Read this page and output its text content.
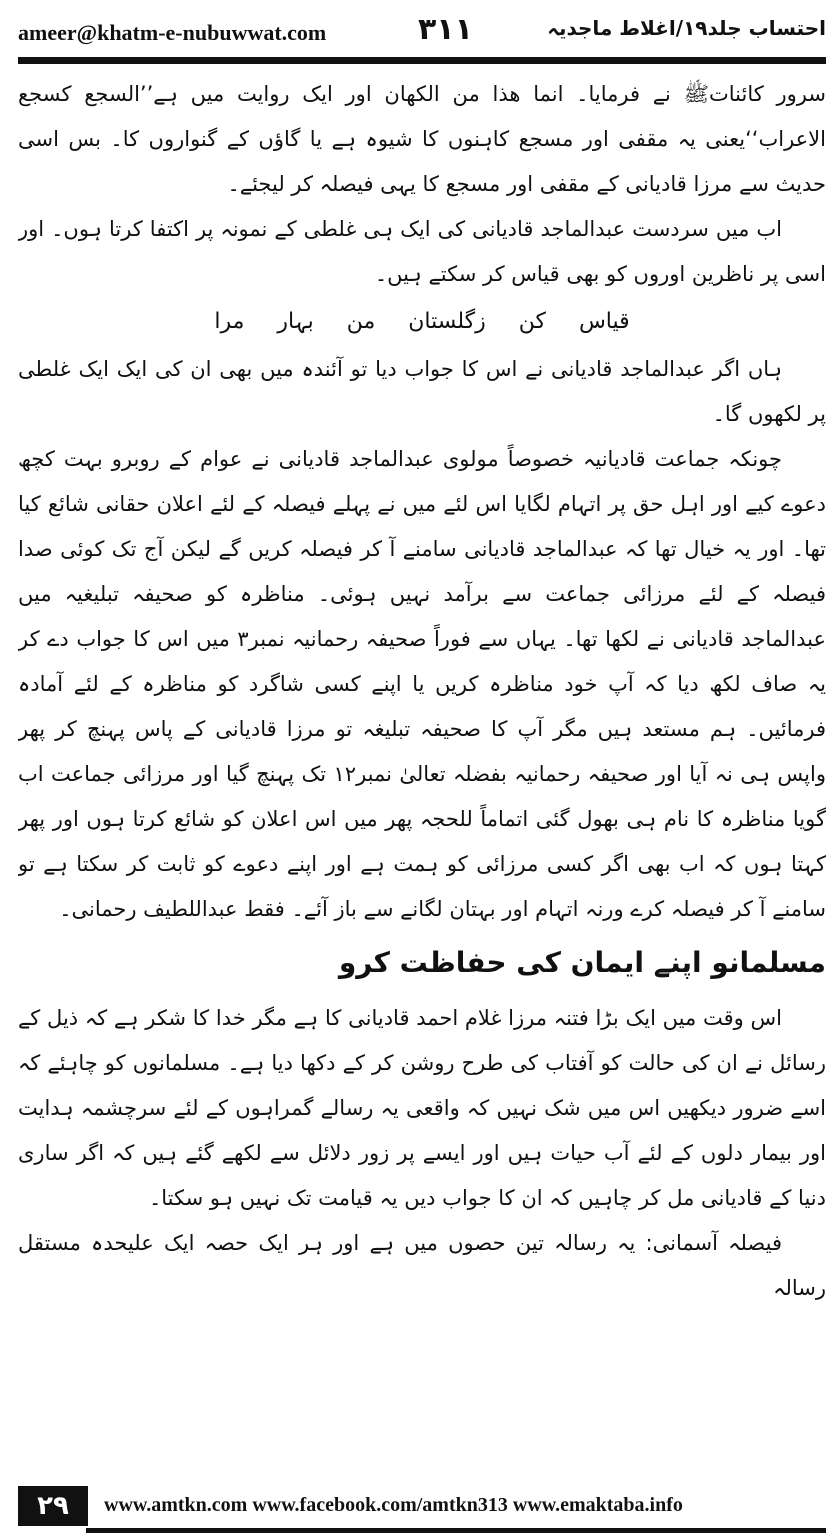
ameer@khatm-e-nubuwwat.com	۳۱۱	احتساب جلد۱۹/اغلاط ماجدیہ

سرور کائناتﷺ نے فرمایا۔ انما ھذا من الکھان اور ایک روایت میں ہے’’السجع کسجع الاعراب‘‘یعنی یہ مقفی اور مسجع کاہنوں کا شیوہ ہے یا گاؤں کے گنواروں کا۔ بس اسی حدیث سے مرزا قادیانی کے مقفی اور مسجع کا یہی فیصلہ کر لیجئے۔

اب میں سردست عبدالماجد قادیانی کی ایک ہی غلطی کے نمونہ پر اکتفا کرتا ہوں۔ اور اسی پر ناظرین اوروں کو بھی قیاس کر سکتے ہیں۔

قیاس کن زگلستان من بہار مرا

ہاں اگر عبدالماجد قادیانی نے اس کا جواب دیا تو آئندہ میں بھی ان کی ایک ایک غلطی پر لکھوں گا۔

چونکہ جماعت قادیانیہ خصوصاً مولوی عبدالماجد قادیانی نے عوام کے روبرو بہت کچھ دعوے کیے اور اہل حق پر اتہام لگایا اس لئے میں نے پہلے فیصلہ کے لئے اعلان حقانی شائع کیا تھا۔ اور یہ خیال تھا کہ عبدالماجد قادیانی سامنے آ کر فیصلہ کریں گے لیکن آج تک کوئی صدا فیصلہ کے لئے مرزائی جماعت سے برآمد نہیں ہوئی۔ مناظرہ کو صحیفہ تبلیغیہ میں عبدالماجد قادیانی نے لکھا تھا۔ یہاں سے فوراً صحیفہ رحمانیہ نمبر۳ میں اس کا جواب دے کر یہ صاف لکھ دیا کہ آپ خود مناظرہ کریں یا اپنے کسی شاگرد کو مناظرہ کے لئے آمادہ فرمائیں۔ ہم مستعد ہیں مگر آپ کا صحیفہ تبلیغہ تو مرزا قادیانی کے پاس پہنچ کر پھر واپس ہی نہ آیا اور صحیفہ رحمانیہ بفضلہ تعالیٰ نمبر۱۲ تک پہنچ گیا اور مرزائی جماعت اب گویا مناظرہ کا نام ہی بھول گئی اتماماً للحجہ پھر میں اس اعلان کو شائع کرتا ہوں اور پھر کہتا ہوں کہ اب بھی اگر کسی مرزائی کو ہمت ہے اور اپنے دعوے کو ثابت کر سکتا ہے تو سامنے آ کر فیصلہ کرے ورنہ اتہام اور بہتان لگانے سے باز آئے۔ فقط عبداللطیف رحمانی۔

مسلمانو اپنے ایمان کی حفاظت کرو

اس وقت میں ایک بڑا فتنہ مرزا غلام احمد قادیانی کا ہے مگر خدا کا شکر ہے کہ ذیل کے رسائل نے ان کی حالت کو آفتاب کی طرح روشن کر کے دکھا دیا ہے۔ مسلمانوں کو چاہئے کہ اسے ضرور دیکھیں اس میں شک نہیں کہ واقعی یہ رسالے گمراہوں کے لئے سرچشمہ ہدایت اور بیمار دلوں کے لئے آب حیات ہیں اور ایسے پر زور دلائل سے لکھے گئے ہیں کہ اگر ساری دنیا کے قادیانی مل کر چاہیں کہ ان کا جواب دیں یہ قیامت تک نہیں ہو سکتا۔

فیصلہ آسمانی: یہ رسالہ تین حصوں میں ہے اور ہر ایک حصہ ایک علیحدہ مستقل رسالہ

۲۹	www.amtkn.com www.facebook.com/amtkn313 www.emaktaba.info
